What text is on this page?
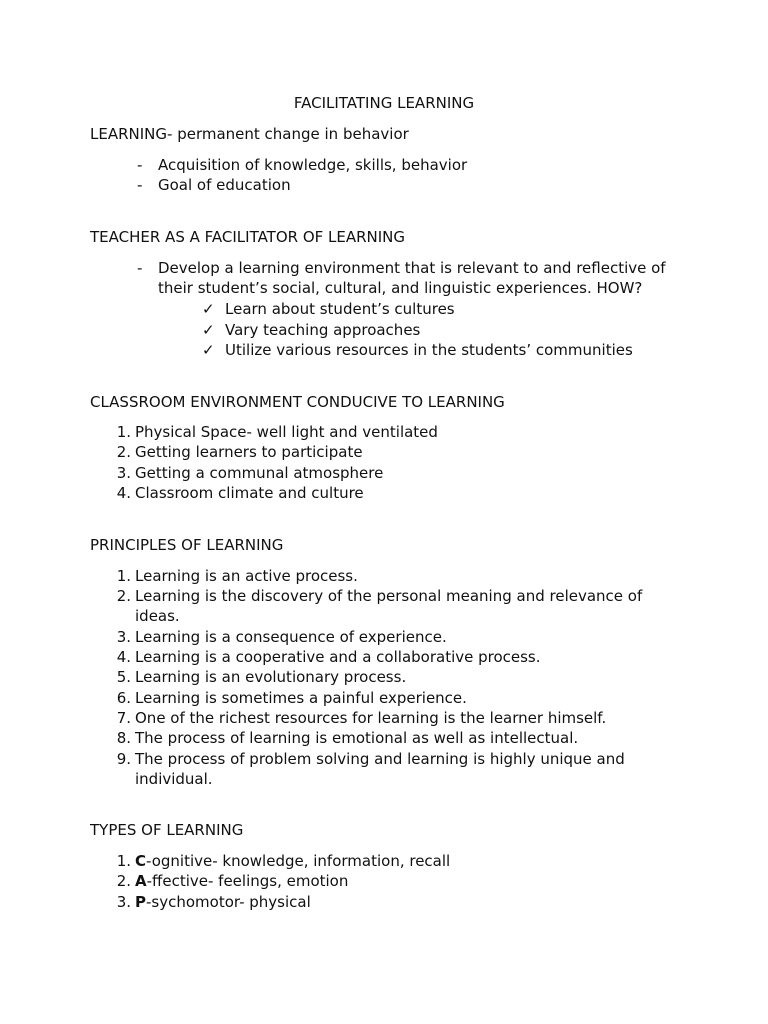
FACILITATING LEARNING
LEARNING- permanent change in behavior
- Acquisition of knowledge, skills, behavior
- Goal of education
TEACHER AS A FACILITATOR OF LEARNING
- Develop a learning environment that is relevant to and reflective of
their student’s social, cultural, and linguistic experiences. HOW?
✓ Learn about student’s cultures
✓ Vary teaching approaches
✓ Utilize various resources in the students’ communities
CLASSROOM ENVIRONMENT CONDUCIVE TO LEARNING
1. Physical Space- well light and ventilated
2. Getting learners to participate
3. Getting a communal atmosphere
4. Classroom climate and culture
PRINCIPLES OF LEARNING
1. Learning is an active process.
2. Learning is the discovery of the personal meaning and relevance of
ideas.
3. Learning is a consequence of experience.
4. Learning is a cooperative and a collaborative process.
5. Learning is an evolutionary process.
6. Learning is sometimes a painful experience.
7. One of the richest resources for learning is the learner himself.
8. The process of learning is emotional as well as intellectual.
9. The process of problem solving and learning is highly unique and
individual.
TYPES OF LEARNING
1. C-ognitive- knowledge, information, recall
2. A-ffective- feelings, emotion
3. P-sychomotor- physical
